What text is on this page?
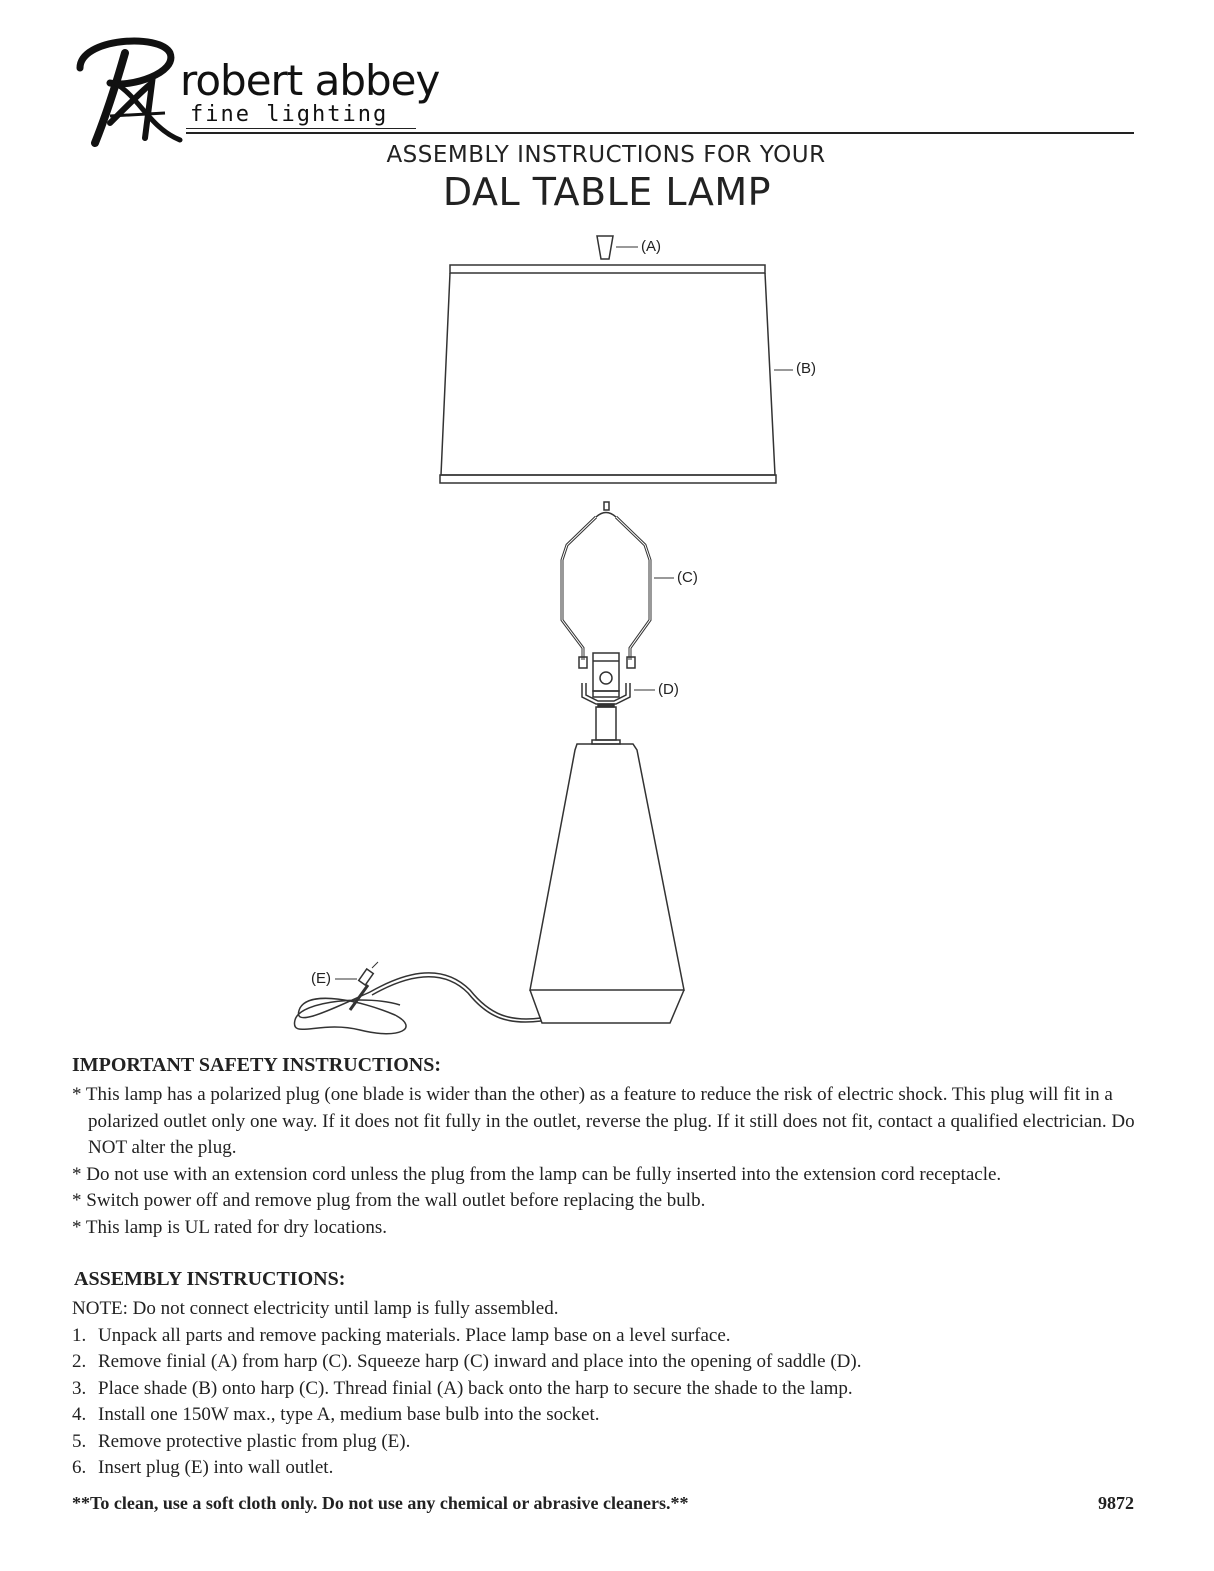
robert abbey
fine lighting
ASSEMBLY INSTRUCTIONS FOR YOUR
DAL TABLE LAMP
(A)
(B)
(C)
(D)
(E)
IMPORTANT SAFETY INSTRUCTIONS:
* This lamp has a polarized plug (one blade is wider than the other) as a feature to reduce the risk of electric shock. This plug will fit in a polarized outlet only one way. If it does not fit fully in the outlet, reverse the plug. If it still does not fit, contact a qualified electrician. Do NOT alter the plug.
* Do not use with an extension cord unless the plug from the lamp can be fully inserted into the extension cord receptacle.
* Switch power off and remove plug from the wall outlet before replacing the bulb.
* This lamp is UL rated for dry locations.
ASSEMBLY INSTRUCTIONS:
NOTE: Do not connect electricity until lamp is fully assembled.
1. Unpack all parts and remove packing materials. Place lamp base on a level surface.
2. Remove finial (A) from harp (C). Squeeze harp (C) inward and place into the opening of saddle (D).
3. Place shade (B) onto harp (C). Thread finial (A) back onto the harp to secure the shade to the lamp.
4. Install one 150W max., type A, medium base bulb into the socket.
5. Remove protective plastic from plug (E).
6. Insert plug (E) into wall outlet.
**To clean, use a soft cloth only. Do not use any chemical or abrasive cleaners.**	9872
